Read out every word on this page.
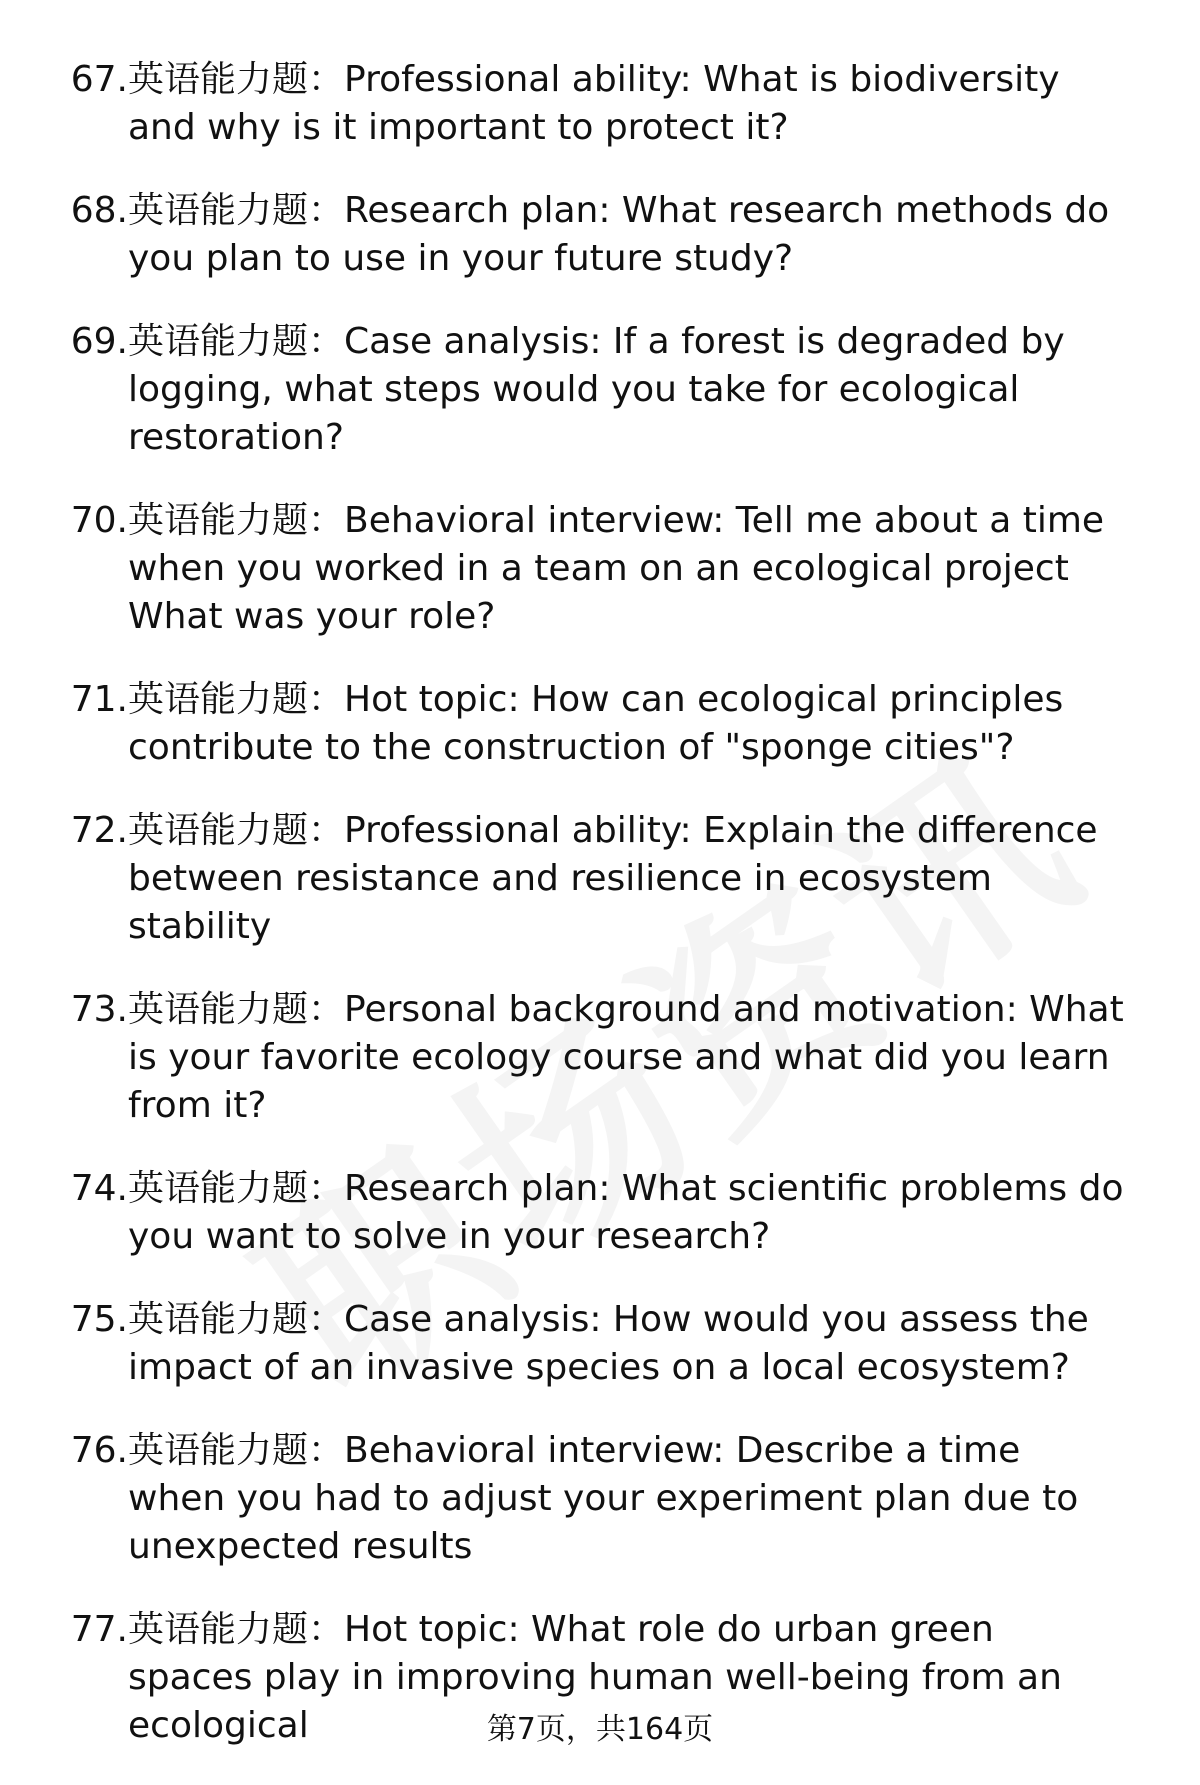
67. 英语能力题：Professional ability: What is biodiversity and why is it important to protect it?
68. 英语能力题：Research plan: What research methods do you plan to use in your future study?
69. 英语能力题：Case analysis: If a forest is degraded by logging, what steps would you take for ecological restoration?
70. 英语能力题：Behavioral interview: Tell me about a time when you worked in a team on an ecological project What was your role?
71. 英语能力题：Hot topic: How can ecological principles contribute to the construction of "sponge cities"?
72. 英语能力题：Professional ability: Explain the difference between resistance and resilience in ecosystem stability
73. 英语能力题：Personal background and motivation: What is your favorite ecology course and what did you learn from it?
74. 英语能力题：Research plan: What scientific problems do you want to solve in your research?
75. 英语能力题：Case analysis: How would you assess the impact of an invasive species on a local ecosystem?
76. 英语能力题：Behavioral interview: Describe a time when you had to adjust your experiment plan due to unexpected results
77. 英语能力题：Hot topic: What role do urban green spaces play in improving human well-being from an ecological	第7页，共164页
